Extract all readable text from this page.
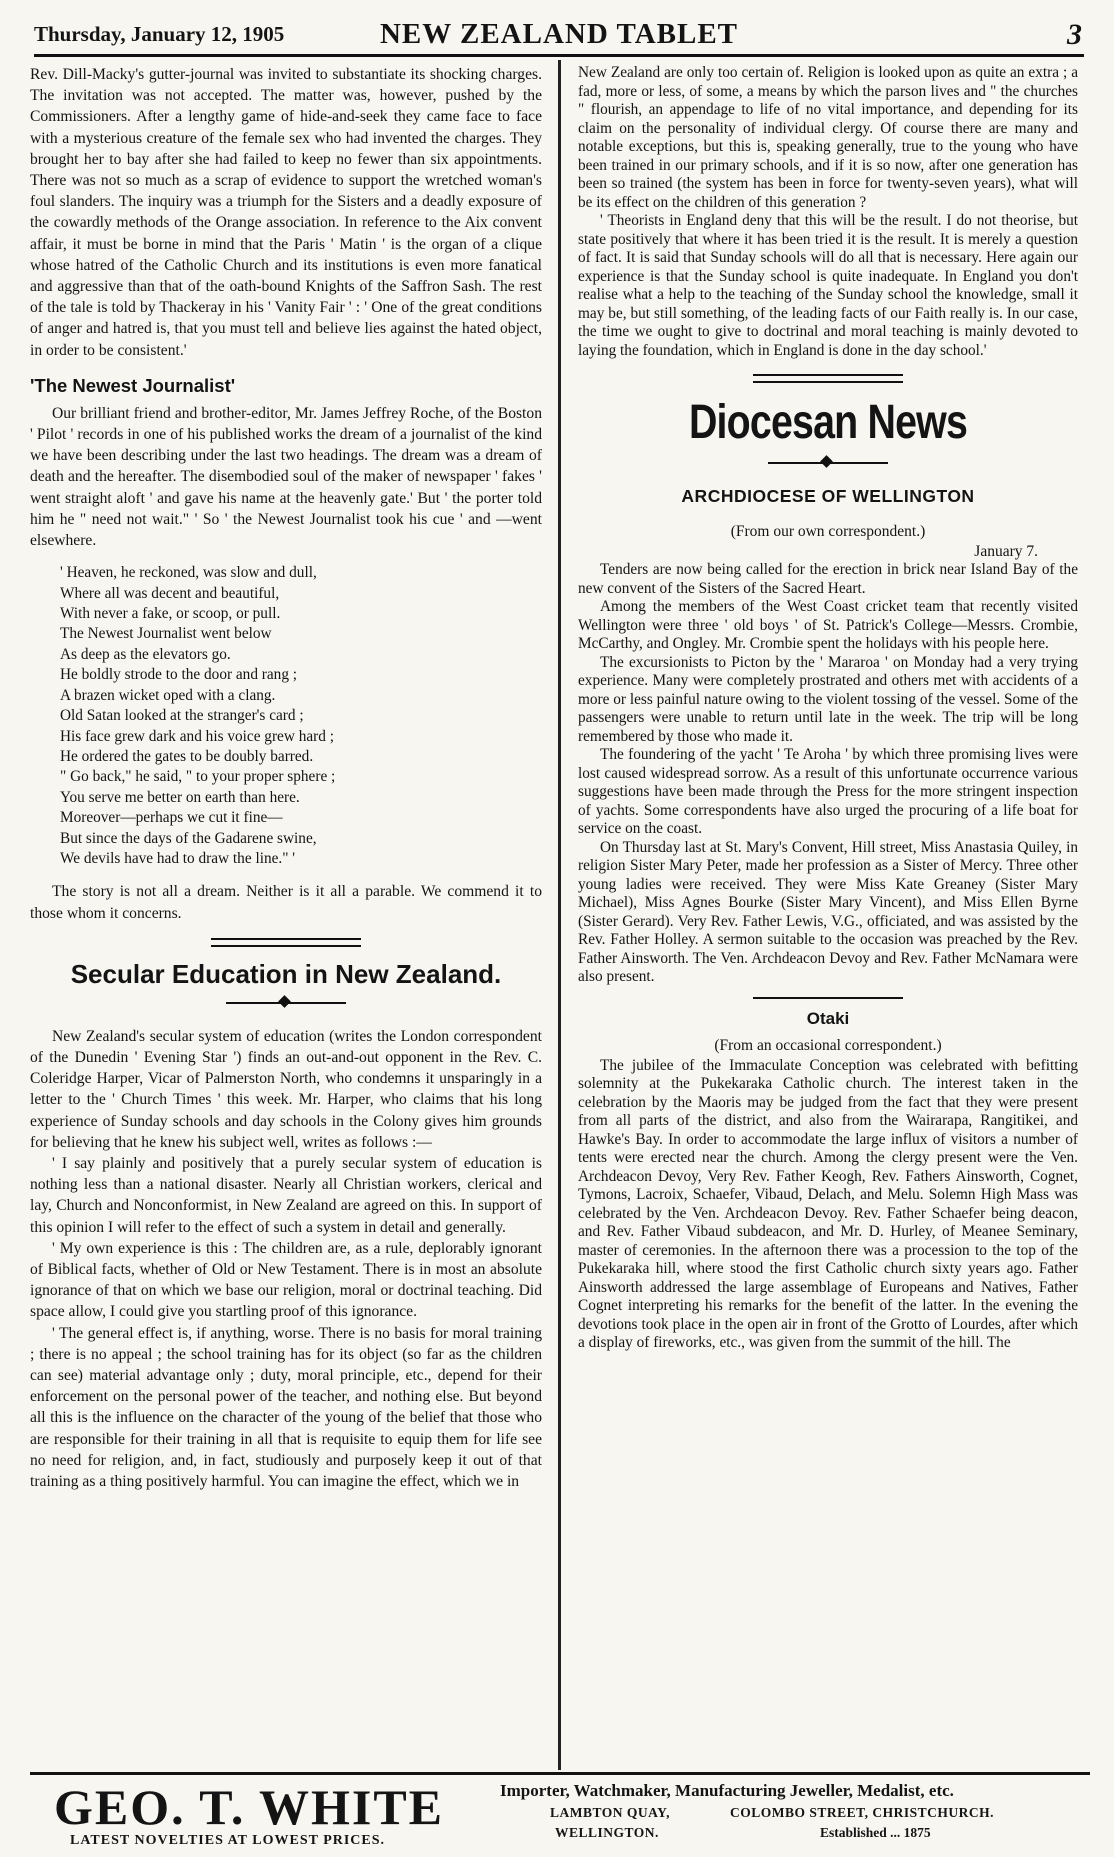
Thursday, January 12, 1905	NEW ZEALAND TABLET	3

Rev. Dill-Macky's gutter-journal was invited to substantiate its shocking charges. The invitation was not accepted. The matter was, however, pushed by the Commissioners. After a lengthy game of hide-and-seek they came face to face with a mysterious creature of the female sex who had invented the charges. They brought her to bay after she had failed to keep no fewer than six appointments. There was not so much as a scrap of evidence to support the wretched woman's foul slanders. The inquiry was a triumph for the Sisters and a deadly exposure of the cowardly methods of the Orange association. In reference to the Aix convent affair, it must be borne in mind that the Paris ' Matin ' is the organ of a clique whose hatred of the Catholic Church and its institutions is even more fanatical and aggressive than that of the oath-bound Knights of the Saffron Sash. The rest of the tale is told by Thackeray in his ' Vanity Fair ' : ' One of the great conditions of anger and hatred is, that you must tell and believe lies against the hated object, in order to be consistent.'

'The Newest Journalist'

Our brilliant friend and brother-editor, Mr. James Jeffrey Roche, of the Boston ' Pilot ' records in one of his published works the dream of a journalist of the kind we have been describing under the last two headings. The dream was a dream of death and the hereafter. The disembodied soul of the maker of newspaper ' fakes ' went straight aloft ' and gave his name at the heavenly gate.' But ' the porter told him he " need not wait." ' So ' the Newest Journalist took his cue ' and —went elsewhere.

' Heaven, he reckoned, was slow and dull,
Where all was decent and beautiful,
With never a fake, or scoop, or pull.
The Newest Journalist went below
As deep as the elevators go.
He boldly strode to the door and rang ;
A brazen wicket oped with a clang.
Old Satan looked at the stranger's card ;
His face grew dark and his voice grew hard ;
He ordered the gates to be doubly barred.
" Go back," he said, " to your proper sphere ;
You serve me better on earth than here.
Moreover—perhaps we cut it fine—
But since the days of the Gadarene swine,
We devils have had to draw the line." '

The story is not all a dream. Neither is it all a parable. We commend it to those whom it concerns.

Secular Education in New Zealand.

New Zealand's secular system of education (writes the London correspondent of the Dunedin ' Evening Star ') finds an out-and-out opponent in the Rev. C. Coleridge Harper, Vicar of Palmerston North, who condemns it unsparingly in a letter to the ' Church Times ' this week. Mr. Harper, who claims that his long experience of Sunday schools and day schools in the Colony gives him grounds for believing that he knew his subject well, writes as follows :—

' I say plainly and positively that a purely secular system of education is nothing less than a national disaster. Nearly all Christian workers, clerical and lay, Church and Nonconformist, in New Zealand are agreed on this. In support of this opinion I will refer to the effect of such a system in detail and generally.

' My own experience is this : The children are, as a rule, deplorably ignorant of Biblical facts, whether of Old or New Testament. There is in most an absolute ignorance of that on which we base our religion, moral or doctrinal teaching. Did space allow, I could give you startling proof of this ignorance.

' The general effect is, if anything, worse. There is no basis for moral training ; there is no appeal ; the school training has for its object (so far as the children can see) material advantage only ; duty, moral principle, etc., depend for their enforcement on the personal power of the teacher, and nothing else. But beyond all this is the influence on the character of the young of the belief that those who are responsible for their training in all that is requisite to equip them for life see no need for religion, and, in fact, studiously and purposely keep it out of that training as a thing positively harmful. You can imagine the effect, which we in

New Zealand are only too certain of. Religion is looked upon as quite an extra ; a fad, more or less, of some, a means by which the parson lives and " the churches " flourish, an appendage to life of no vital importance, and depending for its claim on the personality of individual clergy. Of course there are many and notable exceptions, but this is, speaking generally, true to the young who have been trained in our primary schools, and if it is so now, after one generation has been so trained (the system has been in force for twenty-seven years), what will be its effect on the children of this generation ?

' Theorists in England deny that this will be the result. I do not theorise, but state positively that where it has been tried it is the result. It is merely a question of fact. It is said that Sunday schools will do all that is necessary. Here again our experience is that the Sunday school is quite inadequate. In England you don't realise what a help to the teaching of the Sunday school the knowledge, small it may be, but still something, of the leading facts of our Faith really is. In our case, the time we ought to give to doctrinal and moral teaching is mainly devoted to laying the foundation, which in England is done in the day school.'

Diocesan News
ARCHDIOCESE OF WELLINGTON
(From our own correspondent.)
January 7.

Tenders are now being called for the erection in brick near Island Bay of the new convent of the Sisters of the Sacred Heart.

Among the members of the West Coast cricket team that recently visited Wellington were three ' old boys ' of St. Patrick's College—Messrs. Crombie, McCarthy, and Ongley. Mr. Crombie spent the holidays with his people here.

The excursionists to Picton by the ' Mararoa ' on Monday had a very trying experience. Many were completely prostrated and others met with accidents of a more or less painful nature owing to the violent tossing of the vessel. Some of the passengers were unable to return until late in the week. The trip will be long remembered by those who made it.

The foundering of the yacht ' Te Aroha ' by which three promising lives were lost caused widespread sorrow. As a result of this unfortunate occurrence various suggestions have been made through the Press for the more stringent inspection of yachts. Some correspondents have also urged the procuring of a life boat for service on the coast.

On Thursday last at St. Mary's Convent, Hill street, Miss Anastasia Quiley, in religion Sister Mary Peter, made her profession as a Sister of Mercy. Three other young ladies were received. They were Miss Kate Greaney (Sister Mary Michael), Miss Agnes Bourke (Sister Mary Vincent), and Miss Ellen Byrne (Sister Gerard). Very Rev. Father Lewis, V.G., officiated, and was assisted by the Rev. Father Holley. A sermon suitable to the occasion was preached by the Rev. Father Ainsworth. The Ven. Archdeacon Devoy and Rev. Father McNamara were also present.

Otaki
(From an occasional correspondent.)

The jubilee of the Immaculate Conception was celebrated with befitting solemnity at the Pukekaraka Catholic church. The interest taken in the celebration by the Maoris may be judged from the fact that they were present from all parts of the district, and also from the Wairarapa, Rangitikei, and Hawke's Bay. In order to accommodate the large influx of visitors a number of tents were erected near the church. Among the clergy present were the Ven. Archdeacon Devoy, Very Rev. Father Keogh, Rev. Fathers Ainsworth, Cognet, Tymons, Lacroix, Schaefer, Vibaud, Delach, and Melu. Solemn High Mass was celebrated by the Ven. Archdeacon Devoy. Rev. Father Schaefer being deacon, and Rev. Father Vibaud subdeacon, and Mr. D. Hurley, of Meanee Seminary, master of ceremonies. In the afternoon there was a procession to the top of the Pukekaraka hill, where stood the first Catholic church sixty years ago. Father Ainsworth addressed the large assemblage of Europeans and Natives, Father Cognet interpreting his remarks for the benefit of the latter. In the evening the devotions took place in the open air in front of the Grotto of Lourdes, after which a display of fireworks, etc., was given from the summit of the hill. The

GEO. T. WHITE
LATEST NOVELTIES AT LOWEST PRICES.
Importer, Watchmaker, Manufacturing Jeweller, Medalist, etc.
LAMBTON QUAY,	COLOMBO STREET, CHRISTCHURCH.
WELLINGTON.	Established ... 1875
